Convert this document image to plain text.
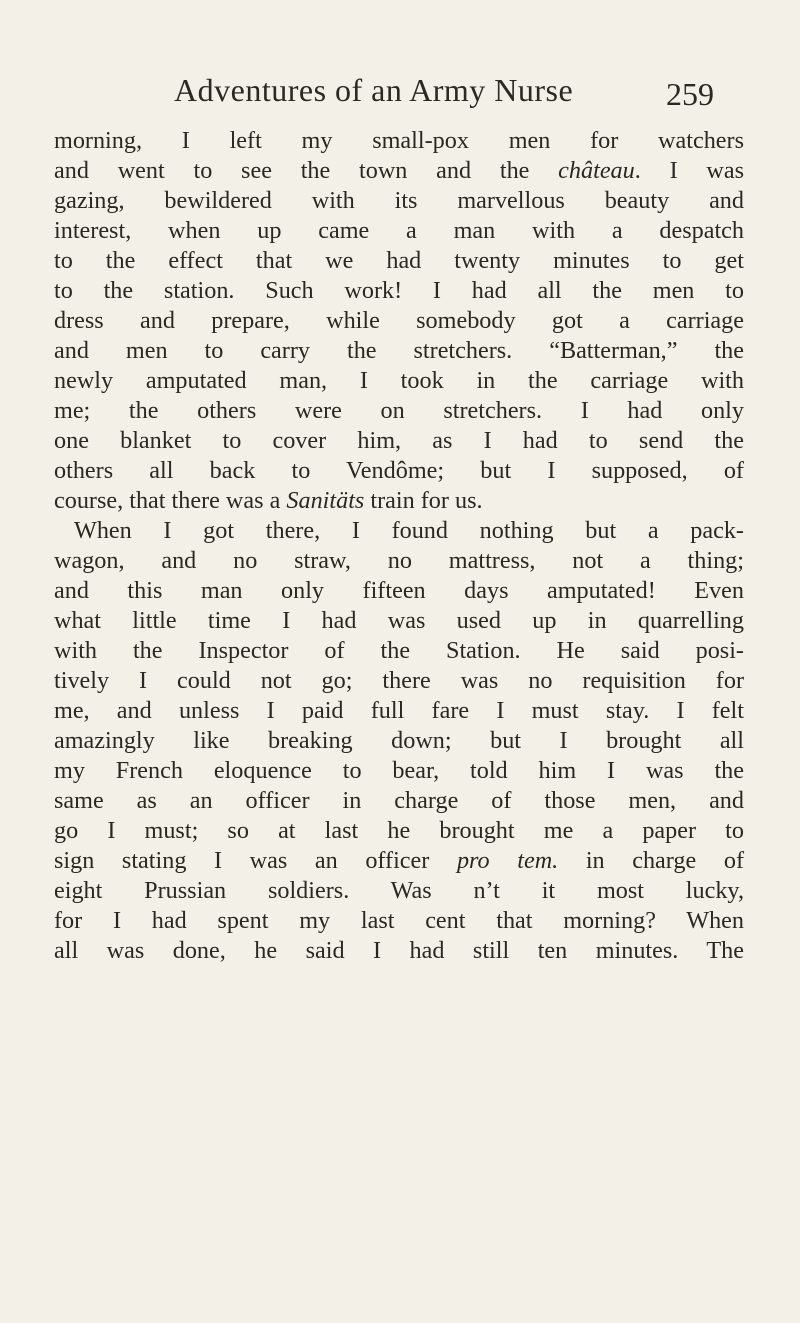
Adventures of an Army Nurse	259
morning, I left my small-pox men for watchers
and went to see the town and the château. I was
gazing, bewildered with its marvellous beauty and
interest, when up came a man with a despatch
to the effect that we had twenty minutes to get
to the station. Such work! I had all the men to
dress and prepare, while somebody got a carriage
and men to carry the stretchers. “Batterman,” the
newly amputated man, I took in the carriage with
me; the others were on stretchers. I had only
one blanket to cover him, as I had to send the
others all back to Vendôme; but I supposed, of
course, that there was a Sanitäts train for us.
When I got there, I found nothing but a pack-
wagon, and no straw, no mattress, not a thing;
and this man only fifteen days amputated! Even
what little time I had was used up in quarrelling
with the Inspector of the Station. He said posi-
tively I could not go; there was no requisition for
me, and unless I paid full fare I must stay. I felt
amazingly like breaking down; but I brought all
my French eloquence to bear, told him I was the
same as an officer in charge of those men, and
go I must; so at last he brought me a paper to
sign stating I was an officer pro tem. in charge of
eight Prussian soldiers. Was n’t it most lucky,
for I had spent my last cent that morning? When
all was done, he said I had still ten minutes. The
